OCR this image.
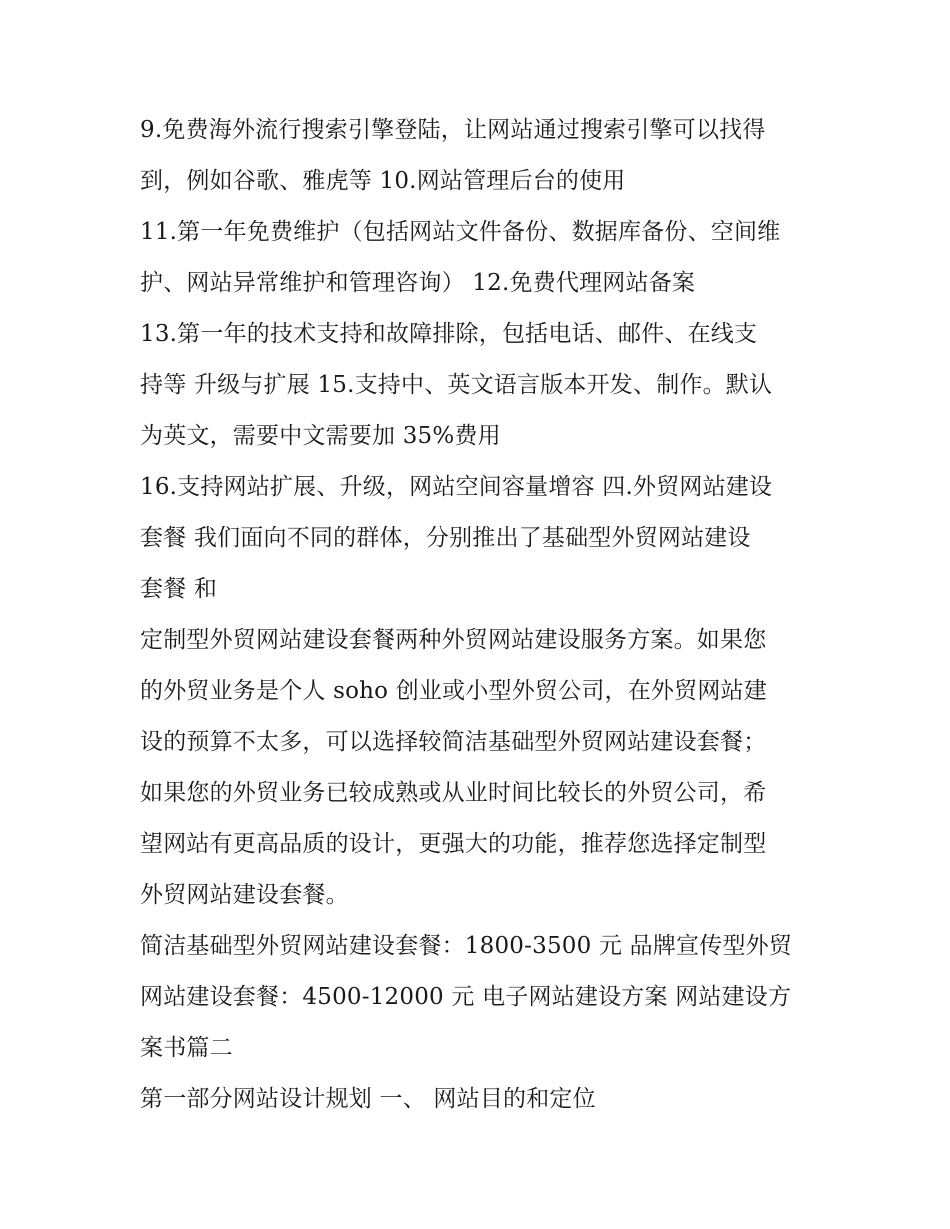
9.免费海外流行搜索引擎登陆，让网站通过搜索引擎可以找得
到，例如谷歌、雅虎等 10.网站管理后台的使用
11.第一年免费维护（包括网站文件备份、数据库备份、空间维
护、网站异常维护和管理咨询） 12.免费代理网站备案
13.第一年的技术支持和故障排除，包括电话、邮件、在线支
持等 升级与扩展 15.支持中、英文语言版本开发、制作。默认
为英文，需要中文需要加 35%费用
16.支持网站扩展、升级，网站空间容量增容 四.外贸网站建设
套餐 我们面向不同的群体，分别推出了基础型外贸网站建设
套餐 和
定制型外贸网站建设套餐两种外贸网站建设服务方案。如果您
的外贸业务是个人 soho 创业或小型外贸公司，在外贸网站建
设的预算不太多，可以选择较简洁基础型外贸网站建设套餐；
如果您的外贸业务已较成熟或从业时间比较长的外贸公司，希
望网站有更高品质的设计，更强大的功能，推荐您选择定制型
外贸网站建设套餐。
简洁基础型外贸网站建设套餐：1800-3500 元 品牌宣传型外贸
网站建设套餐：4500-12000 元 电子网站建设方案 网站建设方
案书篇二
第一部分网站设计规划 一、 网站目的和定位
